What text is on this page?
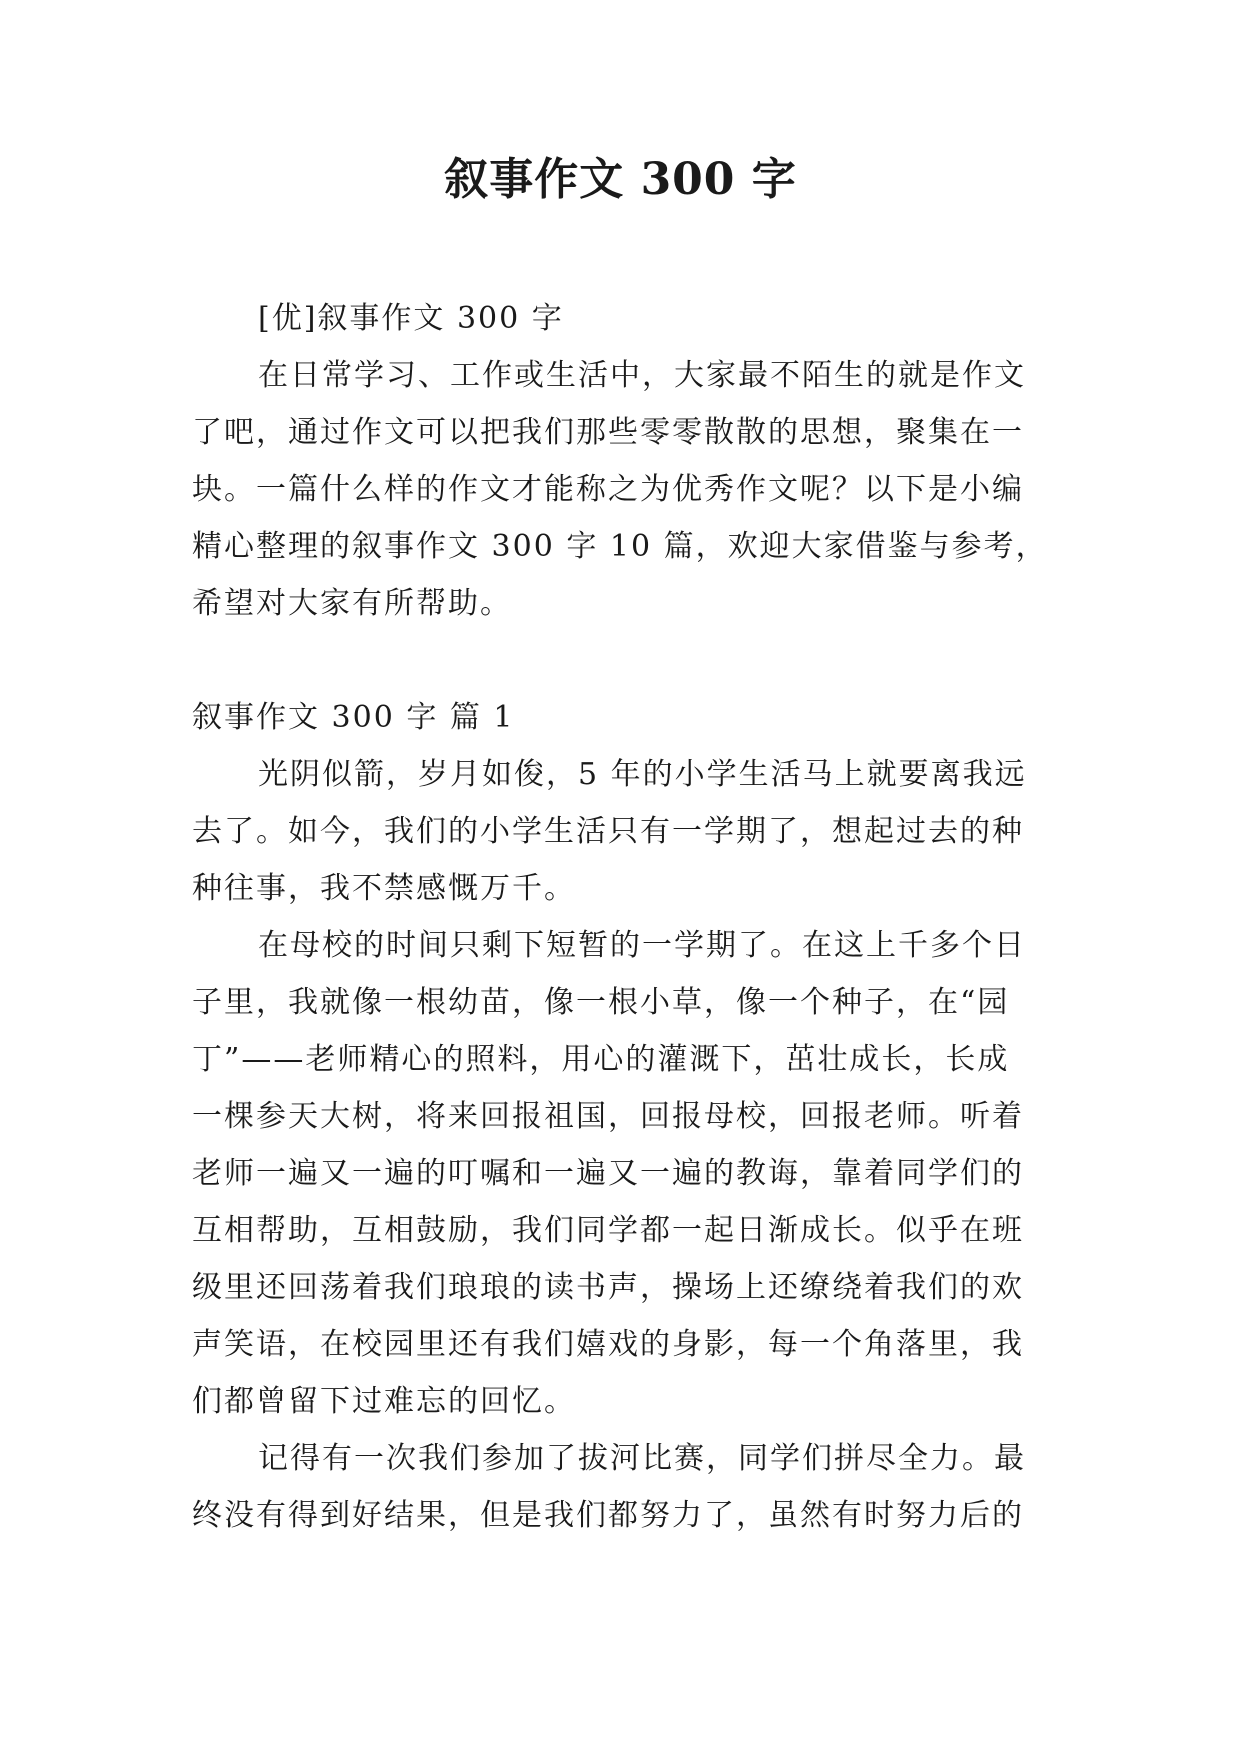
叙事作文 300 字

[优]叙事作文 300 字

在日常学习、工作或生活中，大家最不陌生的就是作文

了吧，通过作文可以把我们那些零零散散的思想，聚集在一

块。一篇什么样的作文才能称之为优秀作文呢？以下是小编

精心整理的叙事作文 300 字 10 篇，欢迎大家借鉴与参考，

希望对大家有所帮助。

叙事作文 300 字 篇 1

光阴似箭，岁月如俊，5 年的小学生活马上就要离我远

去了。如今，我们的小学生活只有一学期了，想起过去的种

种往事，我不禁感慨万千。

在母校的时间只剩下短暂的一学期了。在这上千多个日

子里，我就像一根幼苗，像一根小草，像一个种子，在“园

丁”——老师精心的照料，用心的灌溉下，茁壮成长，长成

一棵参天大树，将来回报祖国，回报母校，回报老师。听着

老师一遍又一遍的叮嘱和一遍又一遍的教诲，靠着同学们的

互相帮助，互相鼓励，我们同学都一起日渐成长。似乎在班

级里还回荡着我们琅琅的读书声，操场上还缭绕着我们的欢

声笑语，在校园里还有我们嬉戏的身影，每一个角落里，我

们都曾留下过难忘的回忆。

记得有一次我们参加了拔河比赛，同学们拼尽全力。最

终没有得到好结果，但是我们都努力了，虽然有时努力后的
